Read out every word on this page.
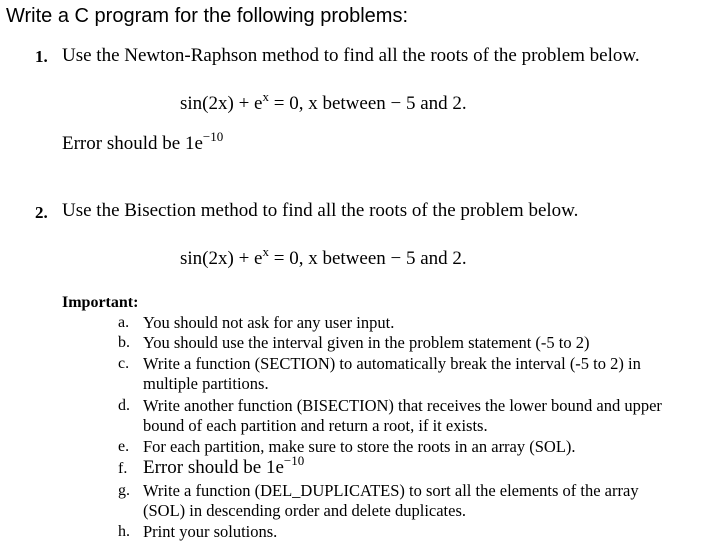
Write a C program for the following problems:
1. Use the Newton-Raphson method to find all the roots of the problem below.
$\sin(2x) + e^x = 0$, x between − 5 and 2.
Error should be $1e^{-10}$
2. Use the Bisection method to find all the roots of the problem below.
$\sin(2x) + e^x = 0$, x between − 5 and 2.
Important:
a. You should not ask for any user input.
b. You should use the interval given in the problem statement (-5 to 2)
c. Write a function (SECTION) to automatically break the interval (-5 to 2) in
multiple partitions.
d. Write another function (BISECTION) that receives the lower bound and upper
bound of each partition and return a root, if it exists.
e. For each partition, make sure to store the roots in an array (SOL).
f. Error should be $1e^{-10}$
g. Write a function (DEL_DUPLICATES) to sort all the elements of the array
(SOL) in descending order and delete duplicates.
h. Print your solutions.
